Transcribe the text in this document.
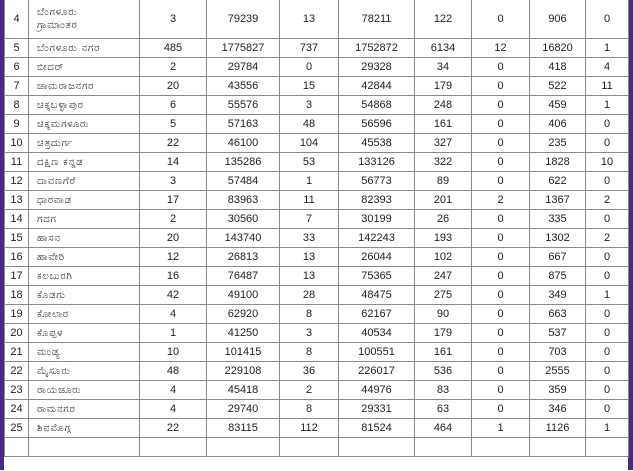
4	ಬೆಂಗಳೂರು
ಗ್ರಾಮಾಂತರ	3	79239	13	78211	122	0	906	0
5	ಬೆಂಗಳೂರು ನಗರ	485	1775827	737	1752872	6134	12	16820	1
6	ಬೀದರ್	2	29784	0	29328	34	0	418	4
7	ಚಾಮರಾಜನಗರ	20	43556	15	42844	179	0	522	11
8	ಚಿಕ್ಕಬಳ್ಳಾಪುರ	6	55576	3	54868	248	0	459	1
9	ಚಿಕ್ಕಮಗಳೂರು	5	57163	48	56596	161	0	406	0
10	ಚಿತ್ರದುರ್ಗ	22	46100	104	45538	327	0	235	0
11	ದಕ್ಷಿಣ ಕನ್ನಡ	14	135286	53	133126	322	0	1828	10
12	ದಾವಣಗೆರೆ	3	57484	1	56773	89	0	622	0
13	ಧಾರವಾಡ	17	83963	11	82393	201	2	1367	2
14	ಗದಗ	2	30560	7	30199	26	0	335	0
15	ಹಾಸನ	20	143740	33	142243	193	0	1302	2
16	ಹಾವೇರಿ	12	26813	13	26044	102	0	667	0
17	ಕಲಬುರಗಿ	16	76487	13	75365	247	0	875	0
18	ಕೊಡಗು	42	49100	28	48475	275	0	349	1
19	ಕೋಲಾರ	4	62920	8	62167	90	0	663	0
20	ಕೊಪ್ಪಳ	1	41250	3	40534	179	0	537	0
21	ಮಂಡ್ಯ	10	101415	8	100551	161	0	703	0
22	ಮೈಸೂರು	48	229108	36	226017	536	0	2555	0
23	ರಾಯಚೂರು	4	45418	2	44976	83	0	359	0
24	ರಾಮನಗರ	4	29740	8	29331	63	0	346	0
25	ಶಿವಮೊಗ್ಗ	22	83115	112	81524	464	1	1126	1
